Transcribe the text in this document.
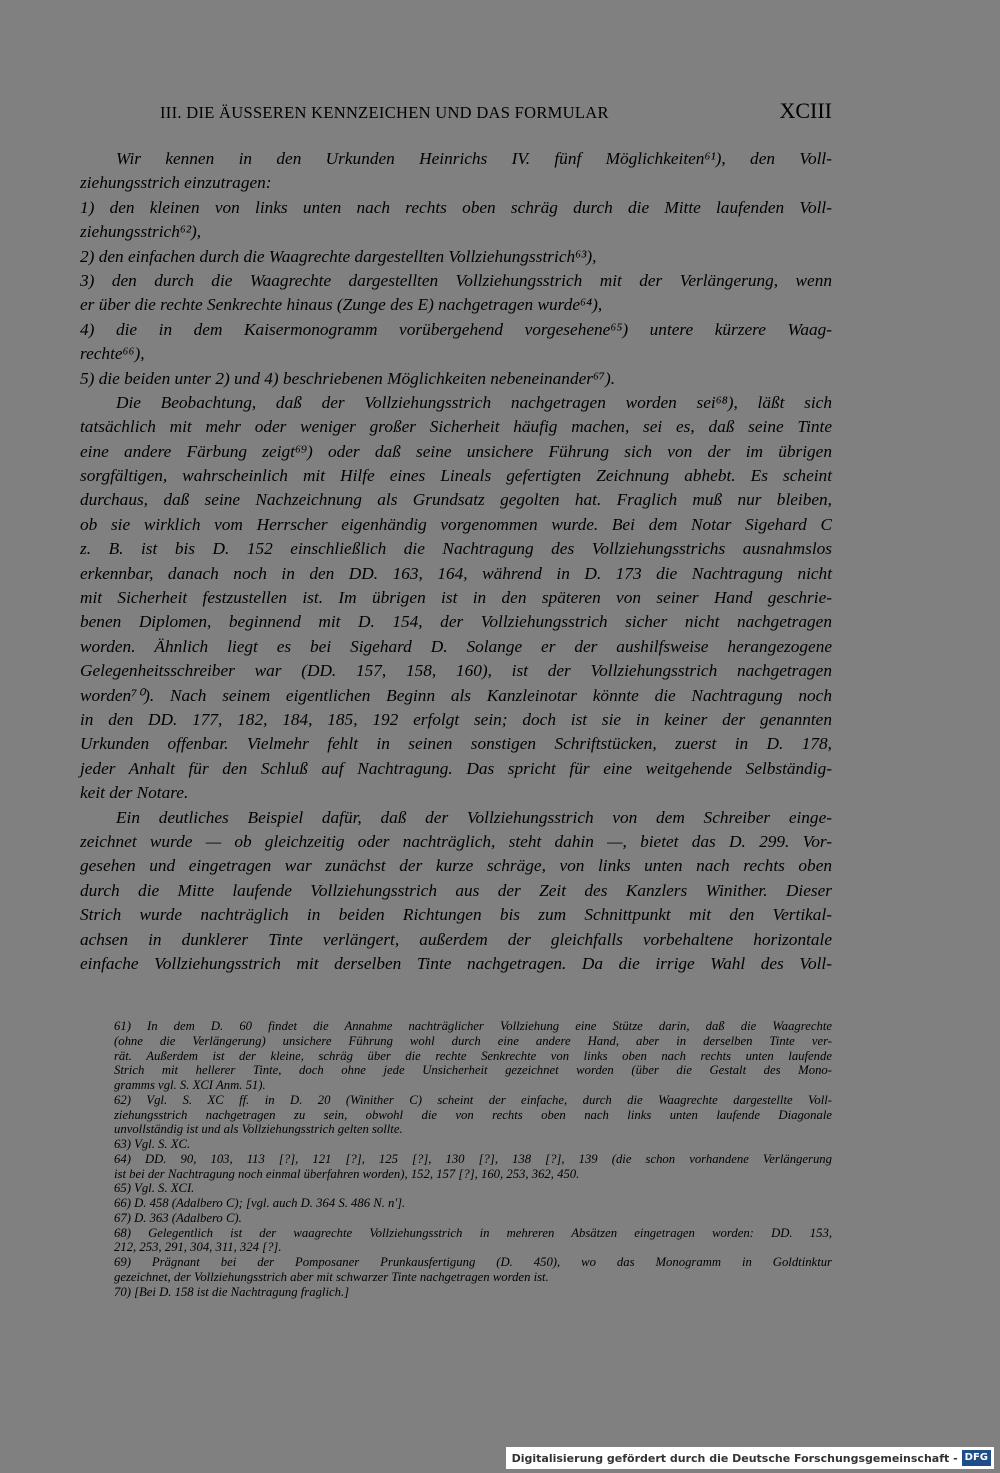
III. DIE ÄUSSEREN KENNZEICHEN UND DAS FORMULAR	XCIII
Wir kennen in den Urkunden Heinrichs IV. fünf Möglichkeiten⁶¹), den Voll-
ziehungsstrich einzutragen:
1) den kleinen von links unten nach rechts oben schräg durch die Mitte laufenden Voll-
ziehungsstrich⁶²),
2) den einfachen durch die Waagrechte dargestellten Vollziehungsstrich⁶³),
3) den durch die Waagrechte dargestellten Vollziehungsstrich mit der Verlängerung, wenn
er über die rechte Senkrechte hinaus (Zunge des E) nachgetragen wurde⁶⁴),
4) die in dem Kaisermonogramm vorübergehend vorgesehene⁶⁵) untere kürzere Waag-
rechte⁶⁶),
5) die beiden unter 2) und 4) beschriebenen Möglichkeiten nebeneinander⁶⁷).
Die Beobachtung, daß der Vollziehungsstrich nachgetragen worden sei⁶⁸), läßt sich
tatsächlich mit mehr oder weniger großer Sicherheit häufig machen, sei es, daß seine Tinte
eine andere Färbung zeigt⁶⁹) oder daß seine unsichere Führung sich von der im übrigen
sorgfältigen, wahrscheinlich mit Hilfe eines Lineals gefertigten Zeichnung abhebt. Es scheint
durchaus, daß seine Nachzeichnung als Grundsatz gegolten hat. Fraglich muß nur bleiben,
ob sie wirklich vom Herrscher eigenhändig vorgenommen wurde. Bei dem Notar Sigehard C
z. B. ist bis D. 152 einschließlich die Nachtragung des Vollziehungsstrichs ausnahmslos
erkennbar, danach noch in den DD. 163, 164, während in D. 173 die Nachtragung nicht
mit Sicherheit festzustellen ist. Im übrigen ist in den späteren von seiner Hand geschrie-
benen Diplomen, beginnend mit D. 154, der Vollziehungsstrich sicher nicht nachgetragen
worden. Ähnlich liegt es bei Sigehard D. Solange er der aushilfsweise herangezogene
Gelegenheitsschreiber war (DD. 157, 158, 160), ist der Vollziehungsstrich nachgetragen
worden⁷⁰). Nach seinem eigentlichen Beginn als Kanzleinotar könnte die Nachtragung noch
in den DD. 177, 182, 184, 185, 192 erfolgt sein; doch ist sie in keiner der genannten
Urkunden offenbar. Vielmehr fehlt in seinen sonstigen Schriftstücken, zuerst in D. 178,
jeder Anhalt für den Schluß auf Nachtragung. Das spricht für eine weitgehende Selbständig-
keit der Notare.
Ein deutliches Beispiel dafür, daß der Vollziehungsstrich von dem Schreiber einge-
zeichnet wurde — ob gleichzeitig oder nachträglich, steht dahin —, bietet das D. 299. Vor-
gesehen und eingetragen war zunächst der kurze schräge, von links unten nach rechts oben
durch die Mitte laufende Vollziehungsstrich aus der Zeit des Kanzlers Winither. Dieser
Strich wurde nachträglich in beiden Richtungen bis zum Schnittpunkt mit den Vertikal-
achsen in dunklerer Tinte verlängert, außerdem der gleichfalls vorbehaltene horizontale
einfache Vollziehungsstrich mit derselben Tinte nachgetragen. Da die irrige Wahl des Voll-
61) In dem D. 60 findet die Annahme nachträglicher Vollziehung eine Stütze darin, daß die Waagrechte
(ohne die Verlängerung) unsichere Führung wohl durch eine andere Hand, aber in derselben Tinte ver-
rät. Außerdem ist der kleine, schräg über die rechte Senkrechte von links oben nach rechts unten laufende
Strich mit hellerer Tinte, doch ohne jede Unsicherheit gezeichnet worden (über die Gestalt des Mono-
gramms vgl. S. XCI Anm. 51).
62) Vgl. S. XC ff. in D. 20 (Winither C) scheint der einfache, durch die Waagrechte dargestellte Voll-
ziehungsstrich nachgetragen zu sein, obwohl die von rechts oben nach links unten laufende Diagonale
unvollständig ist und als Vollziehungsstrich gelten sollte.
63) Vgl. S. XC.
64) DD. 90, 103, 113 [?], 121 [?], 125 [?], 130 [?], 138 [?], 139 (die schon vorhandene Verlängerung
ist bei der Nachtragung noch einmal überfahren worden), 152, 157 [?], 160, 253, 362, 450.
65) Vgl. S. XCI.
66) D. 458 (Adalbero C); [vgl. auch D. 364 S. 486 N. n'].
67) D. 363 (Adalbero C).
68) Gelegentlich ist der waagrechte Vollziehungsstrich in mehreren Absätzen eingetragen worden: DD. 153,
212, 253, 291, 304, 311, 324 [?].
69) Prägnant bei der Pomposaner Prunkausfertigung (D. 450), wo das Monogramm in Goldtinktur
gezeichnet, der Vollziehungsstrich aber mit schwarzer Tinte nachgetragen worden ist.
70) [Bei D. 158 ist die Nachtragung fraglich.]
Digitalisierung gefördert durch die Deutsche Forschungsgemeinschaft - DFG
